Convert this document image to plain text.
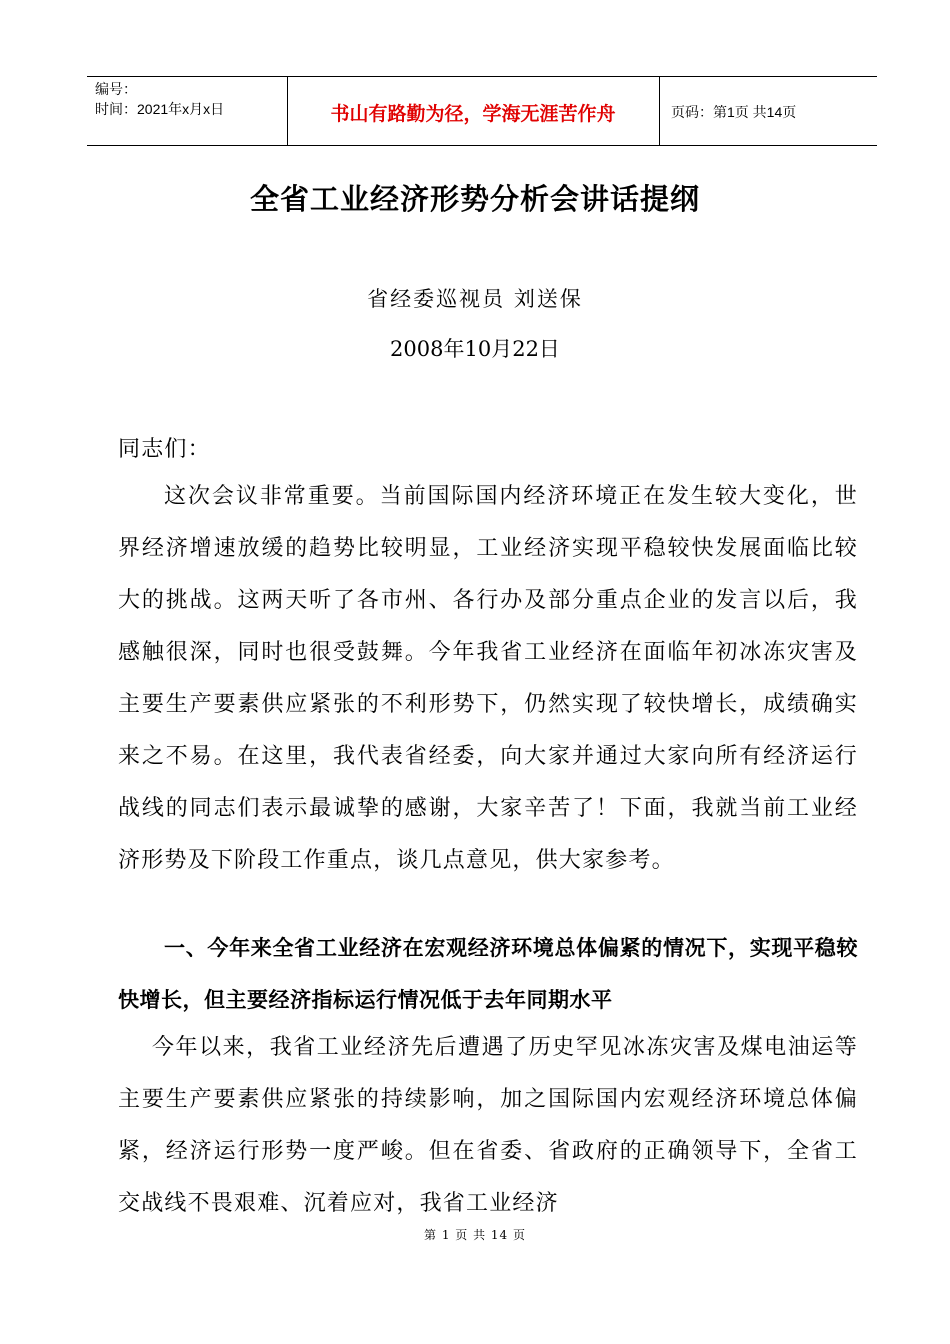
编号：
时间：2021年x月x日	书山有路勤为径，学海无涯苦作舟	页码：第1页 共14页
全省工业经济形势分析会讲话提纲
省经委巡视员 刘送保
2008年10月22日
同志们：
这次会议非常重要。当前国际国内经济环境正在发生较大变化，世界经济增速放缓的趋势比较明显，工业经济实现平稳较快发展面临比较大的挑战。这两天听了各市州、各行办及部分重点企业的发言以后，我感触很深，同时也很受鼓舞。今年我省工业经济在面临年初冰冻灾害及主要生产要素供应紧张的不利形势下，仍然实现了较快增长，成绩确实来之不易。在这里，我代表省经委，向大家并通过大家向所有经济运行战线的同志们表示最诚挚的感谢，大家辛苦了！下面，我就当前工业经济形势及下阶段工作重点，谈几点意见，供大家参考。
一、今年来全省工业经济在宏观经济环境总体偏紧的情况下，实现平稳较快增长，但主要经济指标运行情况低于去年同期水平
今年以来，我省工业经济先后遭遇了历史罕见冰冻灾害及煤电油运等主要生产要素供应紧张的持续影响，加之国际国内宏观经济环境总体偏紧，经济运行形势一度严峻。但在省委、省政府的正确领导下，全省工交战线不畏艰难、沉着应对，我省工业经济
第 1 页 共 14 页
